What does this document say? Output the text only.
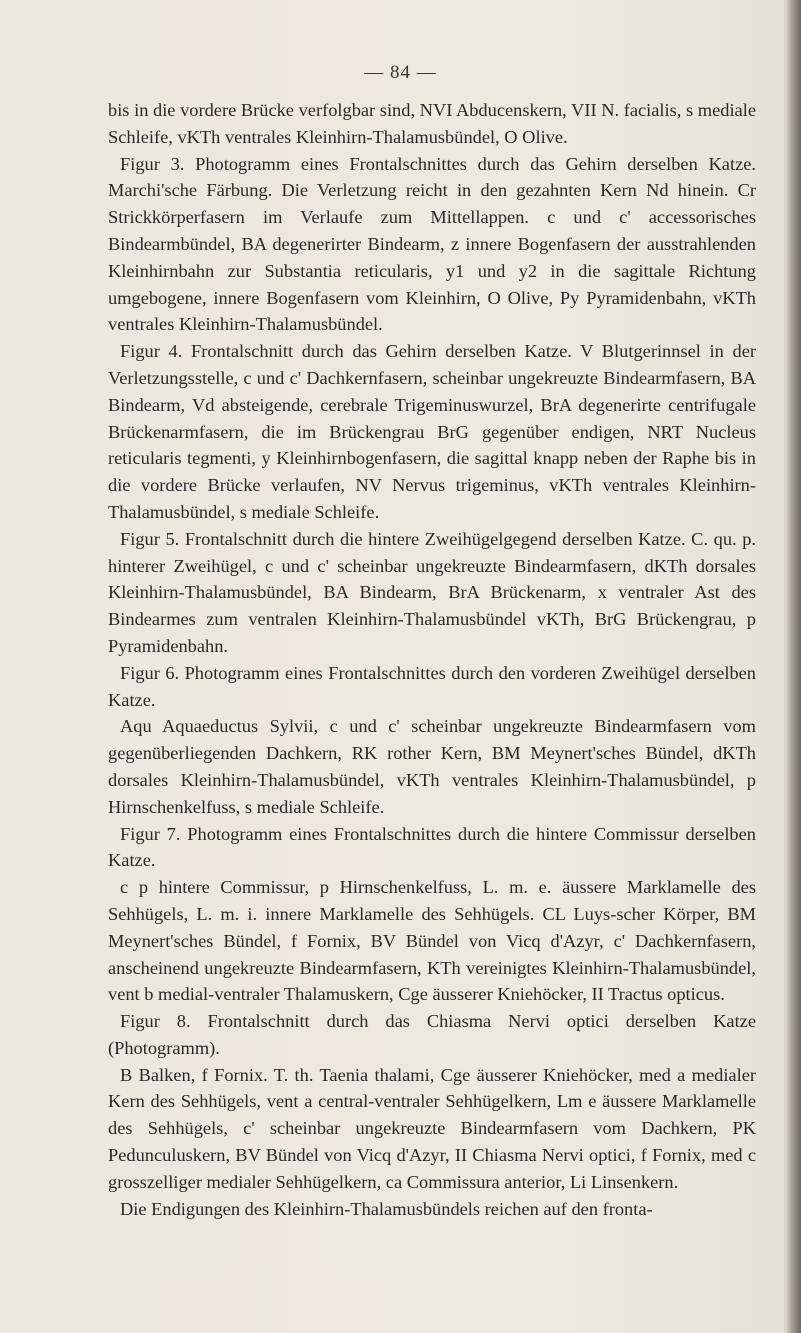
— 84 —

bis in die vordere Brücke verfolgbar sind, NVI Abducenskern, VII N. facialis, s mediale Schleife, vKTh ventrales Kleinhirn-Thalamusbündel, O Olive.

Figur 3. Photogramm eines Frontalschnittes durch das Gehirn derselben Katze. Marchi'sche Färbung. Die Verletzung reicht in den gezahnten Kern Nd hinein. Cr Strickkörperfasern im Verlaufe zum Mittellappen. c und c' accessorisches Bindearmbündel, BA degenerirter Bindearm, z innere Bogenfasern der ausstrahlenden Kleinhirnbahn zur Substantia reticularis, y1 und y2 in die sagittale Richtung umgebogene, innere Bogenfasern vom Kleinhirn, O Olive, Py Pyramidenbahn, vKTh ventrales Kleinhirn-Thalamusbündel.

Figur 4. Frontalschnitt durch das Gehirn derselben Katze. V Blutgerinnsel in der Verletzungsstelle, c und c' Dachkernfasern, scheinbar ungekreuzte Bindearmfasern, BA Bindearm, Vd absteigende, cerebrale Trigeminuswurzel, BrA degenerirte centrifugale Brückenarmfasern, die im Brückengrau BrG gegenüber endigen, NRT Nucleus reticularis tegmenti, y Kleinhirnbogenfasern, die sagittal knapp neben der Raphe bis in die vordere Brücke verlaufen, NV Nervus trigeminus, vKTh ventrales Kleinhirn-Thalamusbündel, s mediale Schleife.

Figur 5. Frontalschnitt durch die hintere Zweihügelgegend derselben Katze. C. qu. p. hinterer Zweihügel, c und c' scheinbar ungekreuzte Bindearmfasern, dKTh dorsales Kleinhirn-Thalamusbündel, BA Bindearm, BrA Brückenarm, x ventraler Ast des Bindearmes zum ventralen Kleinhirn-Thalamusbündel vKTh, BrG Brückengrau, p Pyramidenbahn.

Figur 6. Photogramm eines Frontalschnittes durch den vorderen Zweihügel derselben Katze.

Aqu Aquaeductus Sylvii, c und c' scheinbar ungekreuzte Bindearmfasern vom gegenüberliegenden Dachkern, RK rother Kern, BM Meynert'sches Bündel, dKTh dorsales Kleinhirn-Thalamusbündel, vKTh ventrales Kleinhirn-Thalamusbündel, p Hirnschenkelfuss, s mediale Schleife.

Figur 7. Photogramm eines Frontalschnittes durch die hintere Commissur derselben Katze.

c p hintere Commissur, p Hirnschenkelfuss, L. m. e. äussere Marklamelle des Sehhügels, L. m. i. innere Marklamelle des Sehhügels. CL Luys-scher Körper, BM Meynert'sches Bündel, f Fornix, BV Bündel von Vicq d'Azyr, c' Dachkernfasern, anscheinend ungekreuzte Bindearmfasern, KTh vereinigtes Kleinhirn-Thalamusbündel, vent b medial-ventraler Thalamuskern, Cge äusserer Kniehöcker, II Tractus opticus.

Figur 8. Frontalschnitt durch das Chiasma Nervi optici derselben Katze (Photogramm).

B Balken, f Fornix. T. th. Taenia thalami, Cge äusserer Kniehöcker, med a medialer Kern des Sehhügels, vent a central-ventraler Sehhügelkern, Lm e äussere Marklamelle des Sehhügels, c' scheinbar ungekreuzte Bindearmfasern vom Dachkern, PK Pedunculuskern, BV Bündel von Vicq d'Azyr, II Chiasma Nervi optici, f Fornix, med c grosszelliger medialer Sehhügelkern, ca Commissura anterior, Li Linsenkern.

Die Endigungen des Kleinhirn-Thalamusbündels reichen auf den fronta-
